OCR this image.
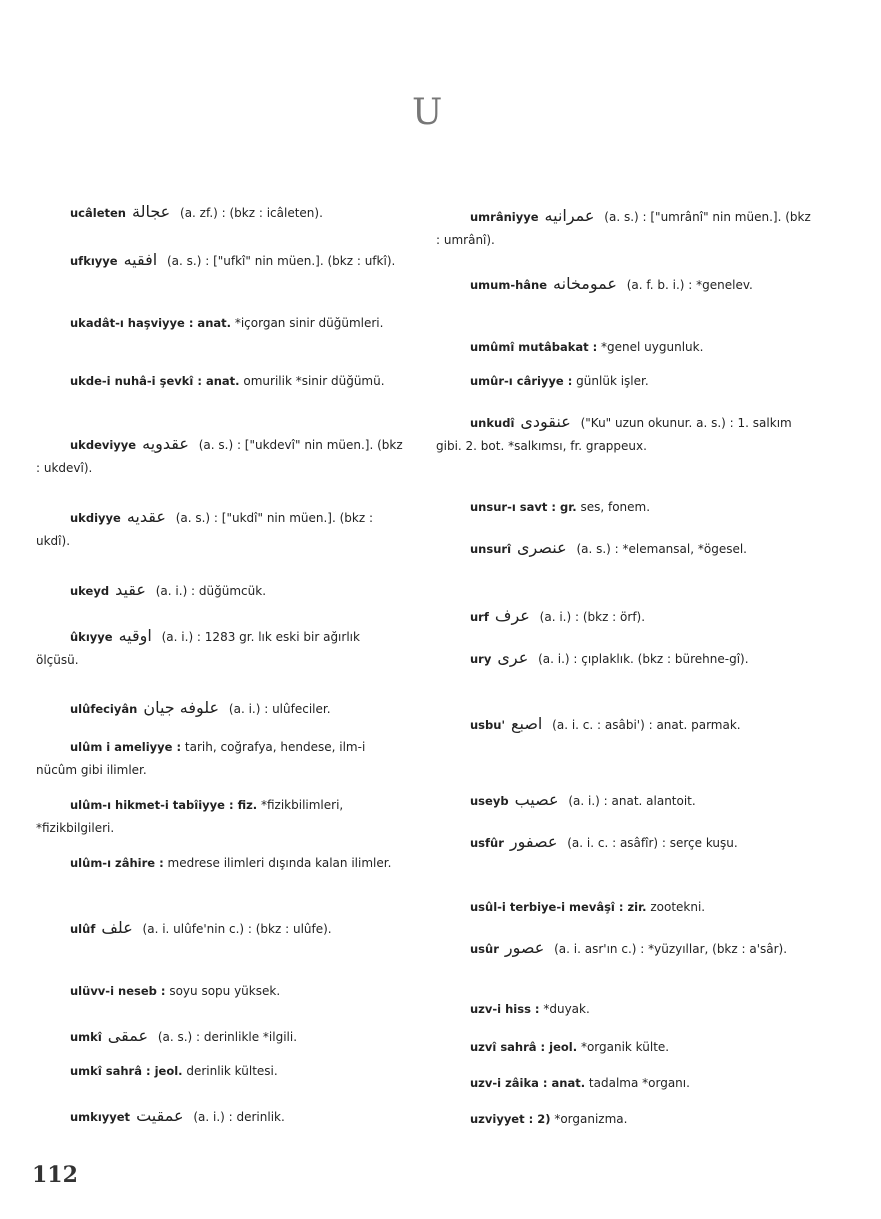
U
ucâleten عجالة (a. zf.) : (bkz : icâleten).
ufkıyye افقيه (a. s.) : ["ufkî" nin müen.]. (bkz : ufkî).
ukadât-ı haşviyye : anat. *içorgan sinir düğümleri.
ukde-i nuhâ-i şevkî : anat. omurilik *sinir düğümü.
ukdeviyye عقدويه (a. s.) : ["ukdevî" nin müen.]. (bkz : ukdevî).
ukdiyye عقديه (a. s.) : ["ukdî" nin müen.]. (bkz : ukdî).
ukeyd عقيد (a. i.) : düğümcük.
ûkıyye اوقيه (a. i.) : 1283 gr. lık eski bir ağırlık ölçüsü.
ulûfeciyân علوفه جيان (a. i.) : ulûfeciler.
ulûm i ameliyye : tarih, coğrafya, hendese, ilm-i nücûm gibi ilimler.
ulûm-ı hikmet-i tabîiyye : fiz. *fizikbilimleri, *fizikbilgileri.
ulûm-ı zâhire : medrese ilimleri dışında kalan ilimler.
ulûf علف (a. i. ulûfe'nin c.) : (bkz : ulûfe).
ulüvv-i neseb : soyu sopu yüksek.
umkî عمقى (a. s.) : derinlikle *ilgili.
umkî sahrâ : jeol. derinlik kültesi.
umkıyyet عمقيت (a. i.) : derinlik.
umrâniyye عمرانيه (a. s.) : ["umrânî" nin müen.]. (bkz : umrânî).
umum-hâne عمومخانه (a. f. b. i.) : *genelev.
umûmî mutâbakat : *genel uygunluk.
umûr-ı câriyye : günlük işler.
unkudî عنقودى ("Ku" uzun okunur. a. s.) : 1. salkım gibi. 2. bot. *salkımsı, fr. grappeux.
unsur-ı savt : gr. ses, fonem.
unsurî عنصرى (a. s.) : *elemansal, *ögesel.
urf عرف (a. i.) : (bkz : örf).
ury عرى (a. i.) : çıplaklık. (bkz : bürehne-gî).
usbu' اصبع (a. i. c. : asâbi') : anat. parmak.
useyb عصيب (a. i.) : anat. alantoit.
usfûr عصفور (a. i. c. : asâfîr) : serçe kuşu.
usûl-i terbiye-i mevâşî : zir. zootekni.
usûr عصور (a. i. asr'ın c.) : *yüzyıllar, (bkz : a'sâr).
uzv-i hiss : *duyak.
uzvî sahrâ : jeol. *organik külte.
uzv-i zâika : anat. tadalma *organı.
uzviyyet : 2) *organizma.
112
